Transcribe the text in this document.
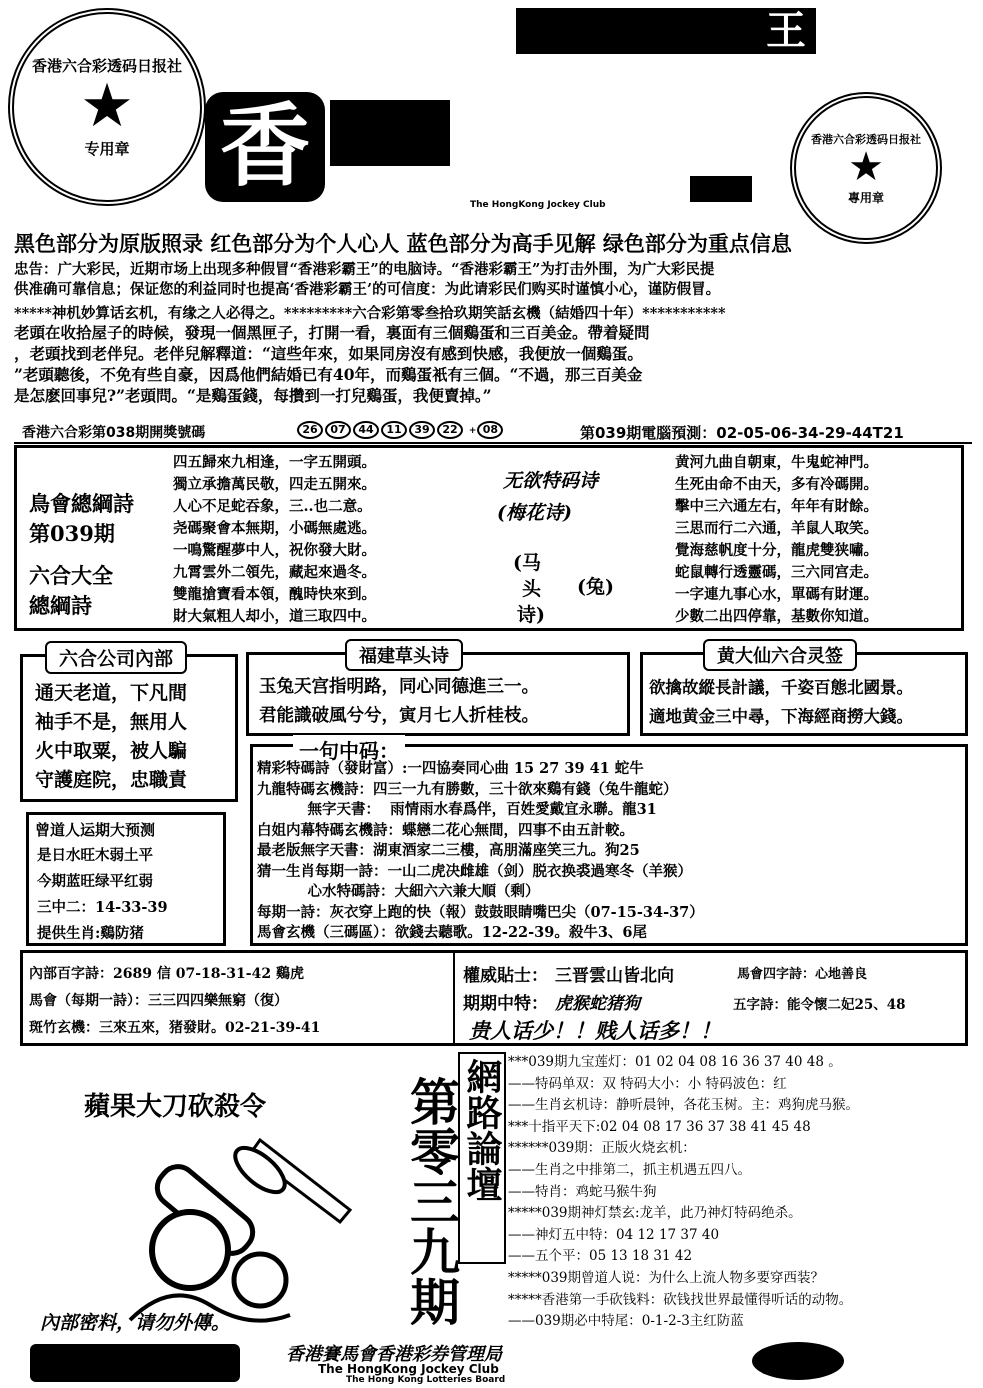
香港六合彩透码日报社
★
专用章
香港六合彩透码日报社
★
專用章
王
香
The HongKong Jockey Club
黑色部分为原版照录 红色部分为个人心人 蓝色部分为高手见解 绿色部分为重点信息
忠告：广大彩民，近期市场上出现多种假冒“香港彩霸王”的电脑诗。“香港彩霸王”为打击外围，为广大彩民提
供准确可靠信息；保证您的利益同时也提高‘香港彩霸王’的可信度：为此请彩民们购买时谨慎小心，谨防假冒。
*****神机妙算话玄机，有缘之人必得之。*********六合彩第零叁拾玖期笑話玄機（結婚四十年）***********
老頭在收拾屋子的時候，發現一個黑匣子，打開一看，裏面有三個鷄蛋和三百美金。帶着疑問
，老頭找到老伴兒。老伴兒解釋道：“這些年來，如果同房沒有感到快感，我便放一個鷄蛋。
”老頭聽後，不免有些自豪，因爲他們結婚已有40年，而鷄蛋衹有三個。“不過，那三百美金
是怎麽回事兒?”老頭問。“是鷄蛋錢，每攢到一打兒鷄蛋，我便賣掉。”
香港六合彩第038期開獎號碼	26 07 44 11 39 22 + 08	第039期電腦預測：02-05-06-34-29-44T21
鳥會總綱詩
第039期
六合大全
總綱詩
四五歸來九相逢，一字五開頭。
獨立承擔萬民敬，四走五開來。
人心不足蛇吞象，三..也二意。
尧碼聚會本無期，小碼無處逃。
一鳴驚醒夢中人，祝你發大財。
九霄雲外二領先，藏起來過冬。
雙龍搶寶看本領，醜時快來到。
財大氣粗人却小，道三取四中。
无欲特码诗
(梅花诗)
(马
头
诗)
(兔)
黄河九曲自朝東，牛鬼蛇神門。
生死由命不由天，多有冷碼開。
擊中三六通左右，年年有財餘。
三思而行二六通，羊鼠人取笑。
覺海慈帆度十分，龍虎雙狭嘯。
蛇鼠轉行透靈碼，三六同宫走。
一字連九事心水，單碼有財運。
少數二出四停靠，基數你知道。
六合公司內部
通天老道，下凡間
袖手不是，無用人
火中取粟，被人騙
守護庭院，忠職責
福建草头诗
玉兔天宫指明路，同心同德進三一。
君能識破風兮兮，寅月七人折桂枝。
黄大仙六合灵签
欲擒故縱長計議，千姿百態北國景。
適地黄金三中尋，下海經商撈大錢。
曾道人运期大预测
是日水旺木弱土平
今期蓝旺绿平红弱
三中二：14-33-39
提供生肖:鷄防猪
一句中码：
精彩特碼詩（發財富）:一四協奏同心曲 15 27 39 41 蛇牛
九龍特碼玄機詩：四三一九有勝數，三十欲來鷄有錢（兔牛龍蛇）
無字天書：  雨情雨水春爲伴，百姓愛戴宜永聯。龍31
白姐内幕特碼玄機詩：蝶戀二花心無間，四事不由五計較。
最老版無字天書：湖東酒家二三樓，高朋滿座笑三九。狗25
猜一生肖每期一詩：一山二虎决雌雄（剑）脱衣换裘過寒冬（羊猴）
心水特碼詩：大細六六兼大順（剩）
每期一詩：灰衣穿上跑的快（報）鼓鼓眼睛嘴巴尖（07-15-34-37）
馬會玄機（三碼區）：欲錢去聽歌。12-22-39。殺牛3、6尾
內部百字詩：2689 信 07-18-31-42 鷄虎
馬會（每期一詩）：三三四四樂無窮（復）
斑竹玄機：三來五來，猪發財。02-21-39-41
權威貼士： 三晋雲山皆北向
期期中特： 虎猴蛇猪狗
馬會四字詩：心地善良
五字詩：能令懷二妃25、48
贵人话少！！贱人话多！！
蘋果大刀砍殺令
內部密料，请勿外傳。	第零三九期 網路論壇 ***039期九宝莲灯：01 02 04 08 16 36 37 40 48 。
——特码单双：双 特码大小：小 特码波色：红
——生肖玄机诗：静听晨钟，各花玉树。主：鸡狗虎马猴。
***十指平天下:02 04 08 17 36 37 38 41 45 48
******039期：正版火烧玄机：
——生肖之中排第二，抓主机遇五四八。
——特肖：鸡蛇马猴牛狗
*****039期神灯禁玄:龙羊，此乃神灯特码绝杀。
——神灯五中特：04 12 17 37 40
——五个平：05 13 18 31 42
*****039期曾道人说：为什么上流人物多要穿西装？
*****香港第一手砍钱料：砍钱找世界最懂得听话的动物。
——039期必中特尾：0-1-2-3主红防蓝
香港賽馬會香港彩券管理局
The HongKong Jockey Club
The Hong Kong Lotteries Board
